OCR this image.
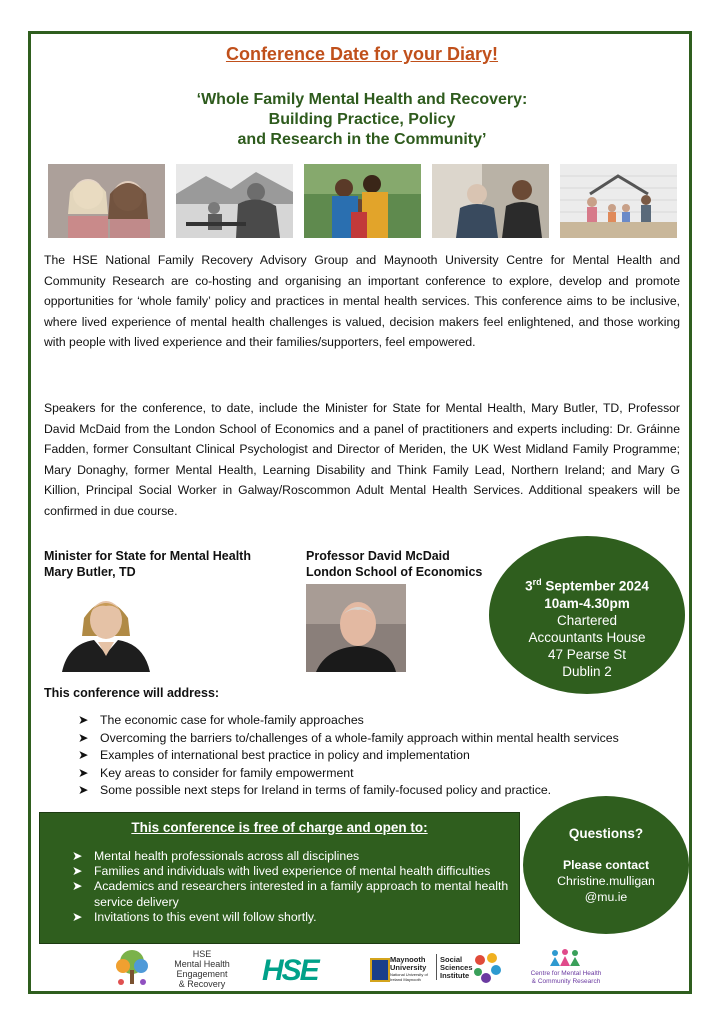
Conference Date for your Diary!
‘Whole Family Mental Health and Recovery:
Building Practice, Policy
and Research in the Community’
The HSE National Family Recovery Advisory Group and Maynooth University Centre for Mental Health and Community Research are co-hosting and organising an important conference to explore, develop and promote opportunities for ‘whole family’ policy and practices in mental health services. This conference aims to be inclusive, where lived experience of mental health challenges is valued, decision makers feel enlightened, and those working with people with lived experience and their families/supporters, feel empowered.
Speakers for the conference, to date, include the Minister for State for Mental Health, Mary Butler, TD, Professor David McDaid from the London School of Economics and a panel of practitioners and experts including: Dr. Gráinne Fadden, former Consultant Clinical Psychologist and Director of Meriden, the UK West Midland Family Programme; Mary Donaghy, former Mental Health, Learning Disability and Think Family Lead, Northern Ireland; and Mary G Killion, Principal Social Worker in Galway/Roscommon Adult Mental Health Services. Additional speakers will be confirmed in due course.
Minister for State for Mental Health
Mary Butler, TD
Professor David McDaid
London School of Economics
3rd September 2024
10am-4.30pm
Chartered
Accountants House
47 Pearse St
Dublin 2
This conference will address:
➤ The economic case for whole-family approaches
➤ Overcoming the barriers to/challenges of a whole-family approach within mental health services
➤ Examples of international best practice in policy and implementation
➤ Key areas to consider for family empowerment
➤ Some possible next steps for Ireland in terms of family-focused policy and practice.
This conference is free of charge and open to:
➤ Mental health professionals across all disciplines
➤ Families and individuals with lived experience of mental health difficulties
➤ Academics and researchers interested in a family approach to mental health service delivery
➤ Invitations to this event will follow shortly.
Questions?
Please contact
Christine.mulligan
@mu.ie
HSE
Mental Health
Engagement
& Recovery	HSE	Maynooth
University
National University of Ireland Maynooth
Social
Sciences
Institute	Centre for Mental Health
& Community Research
